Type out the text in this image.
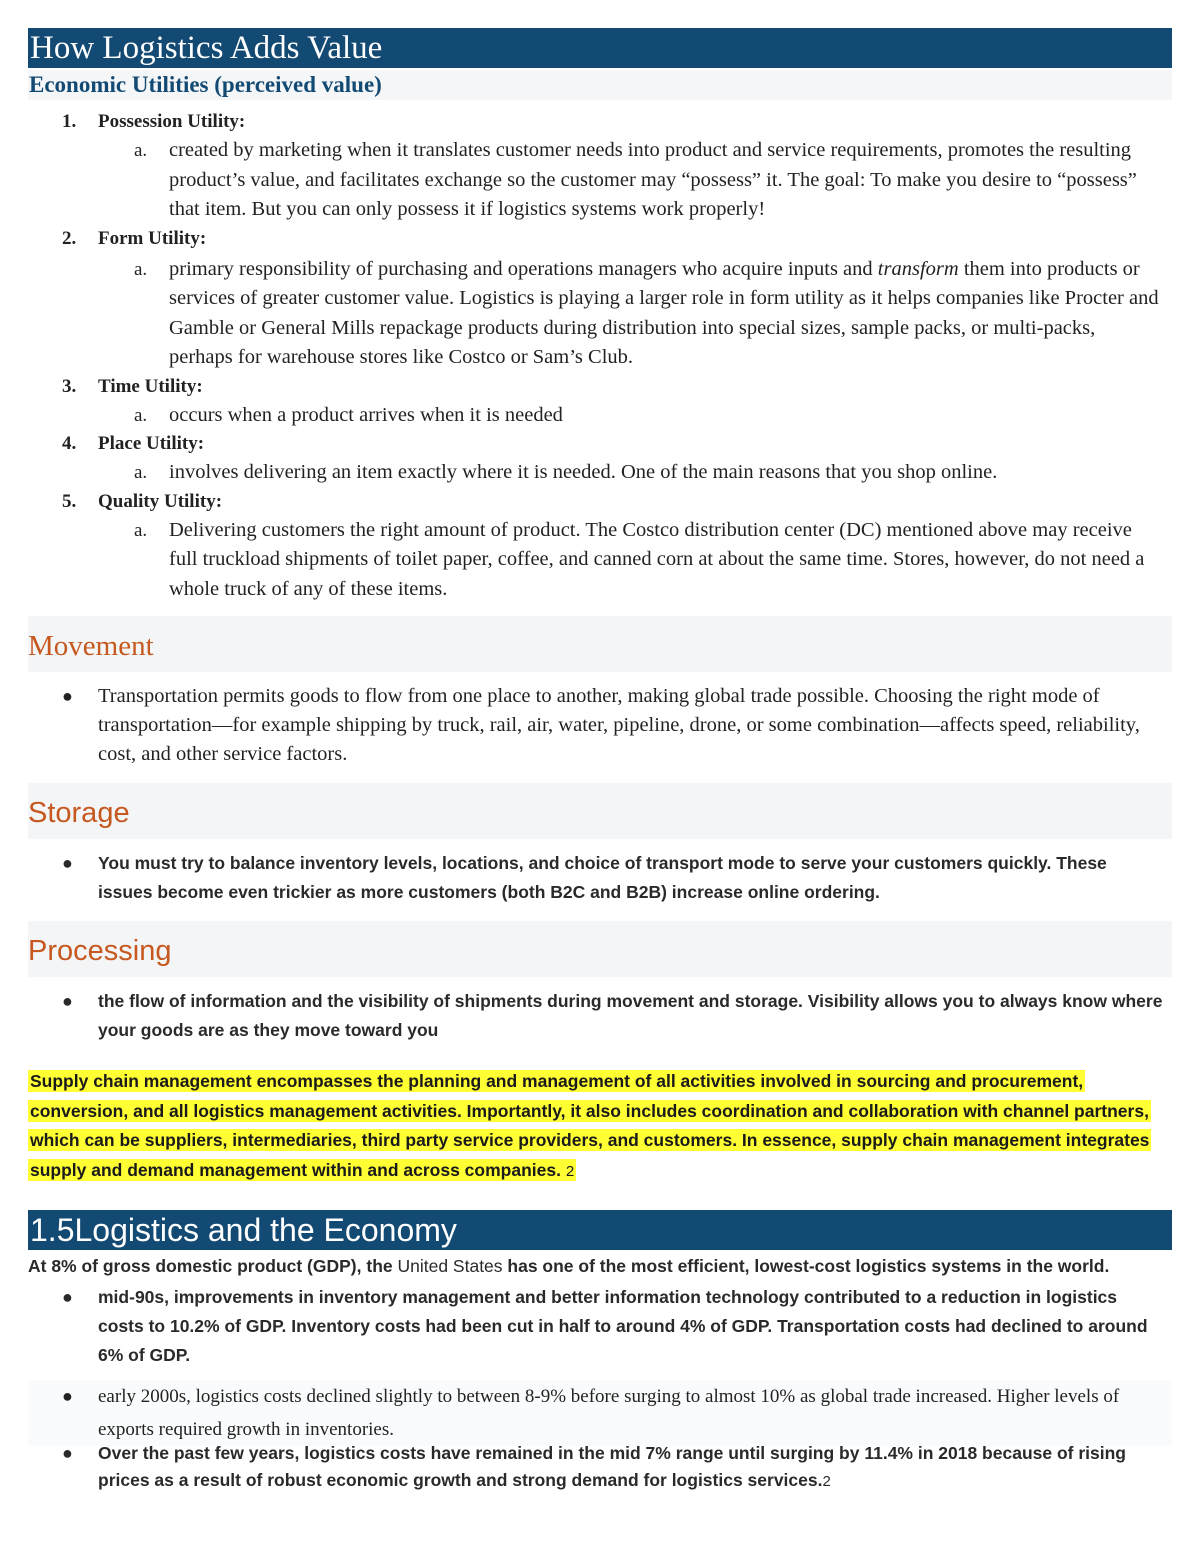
How Logistics Adds Value
Economic Utilities (perceived value)
1. Possession Utility:
a. created by marketing when it translates customer needs into product and service requirements, promotes the resulting product’s value, and facilitates exchange so the customer may “possess” it. The goal: To make you desire to “possess” that item. But you can only possess it if logistics systems work properly!
2. Form Utility:
a. primary responsibility of purchasing and operations managers who acquire inputs and transform them into products or services of greater customer value. Logistics is playing a larger role in form utility as it helps companies like Procter and Gamble or General Mills repackage products during distribution into special sizes, sample packs, or multi-packs, perhaps for warehouse stores like Costco or Sam’s Club.
3. Time Utility:
a. occurs when a product arrives when it is needed
4. Place Utility:
a. involves delivering an item exactly where it is needed. One of the main reasons that you shop online.
5. Quality Utility:
a. Delivering customers the right amount of product. The Costco distribution center (DC) mentioned above may receive full truckload shipments of toilet paper, coffee, and canned corn at about the same time. Stores, however, do not need a whole truck of any of these items.
Movement
● Transportation permits goods to flow from one place to another, making global trade possible. Choosing the right mode of transportation—for example shipping by truck, rail, air, water, pipeline, drone, or some combination—affects speed, reliability, cost, and other service factors.
Storage
● You must try to balance inventory levels, locations, and choice of transport mode to serve your customers quickly. These issues become even trickier as more customers (both B2C and B2B) increase online ordering.
Processing
● the flow of information and the visibility of shipments during movement and storage. Visibility allows you to always know where your goods are as they move toward you
Supply chain management encompasses the planning and management of all activities involved in sourcing and procurement, conversion, and all logistics management activities. Importantly, it also includes coordination and collaboration with channel partners, which can be suppliers, intermediaries, third party service providers, and customers. In essence, supply chain management integrates supply and demand management within and across companies. 2
1.5Logistics and the Economy
At 8% of gross domestic product (GDP), the United States has one of the most efficient, lowest-cost logistics systems in the world.
● mid-90s, improvements in inventory management and better information technology contributed to a reduction in logistics costs to 10.2% of GDP. Inventory costs had been cut in half to around 4% of GDP. Transportation costs had declined to around 6% of GDP.
● early 2000s, logistics costs declined slightly to between 8-9% before surging to almost 10% as global trade increased. Higher levels of exports required growth in inventories.
● Over the past few years, logistics costs have remained in the mid 7% range until surging by 11.4% in 2018 because of rising prices as a result of robust economic growth and strong demand for logistics services.2
